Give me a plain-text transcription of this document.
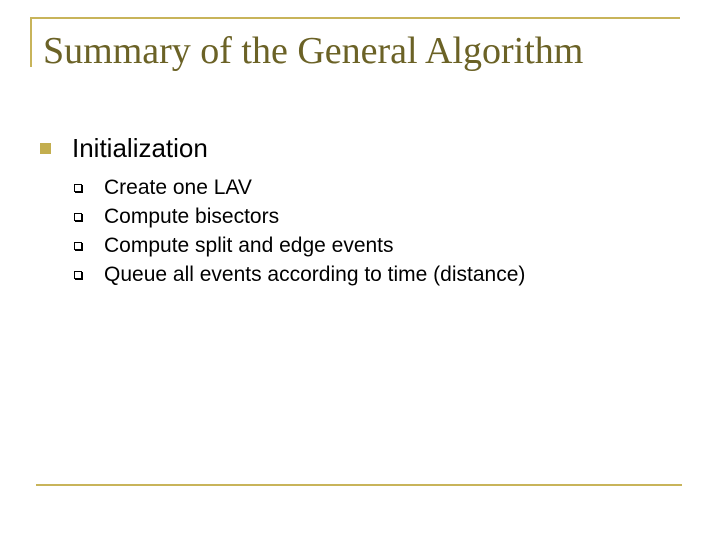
Summary of the General Algorithm
Initialization
Create one LAV
Compute bisectors
Compute split and edge events
Queue all events according to time (distance)
